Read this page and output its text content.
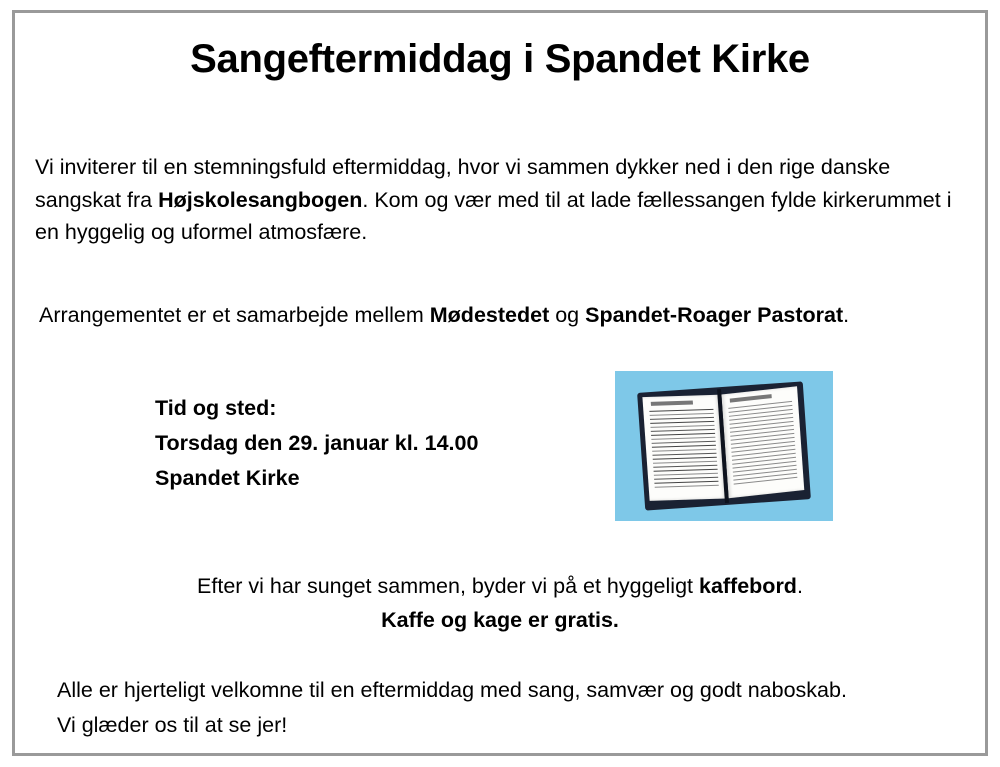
Sangeftermiddag i Spandet Kirke
Vi inviterer til en stemningsfuld eftermiddag, hvor vi sammen dykker ned i den rige danske sangskat fra Højskolesangbogen. Kom og vær med til at lade fællessangen fylde kirkerummet i en hyggelig og uformel atmosfære.
Arrangementet er et samarbejde mellem Mødestedet og Spandet-Roager Pastorat.
Tid og sted:
Torsdag den 29. januar kl. 14.00
Spandet Kirke
Efter vi har sunget sammen, byder vi på et hyggeligt kaffebord.
Kaffe og kage er gratis.
Alle er hjerteligt velkomne til en eftermiddag med sang, samvær og godt naboskab.
Vi glæder os til at se jer!
